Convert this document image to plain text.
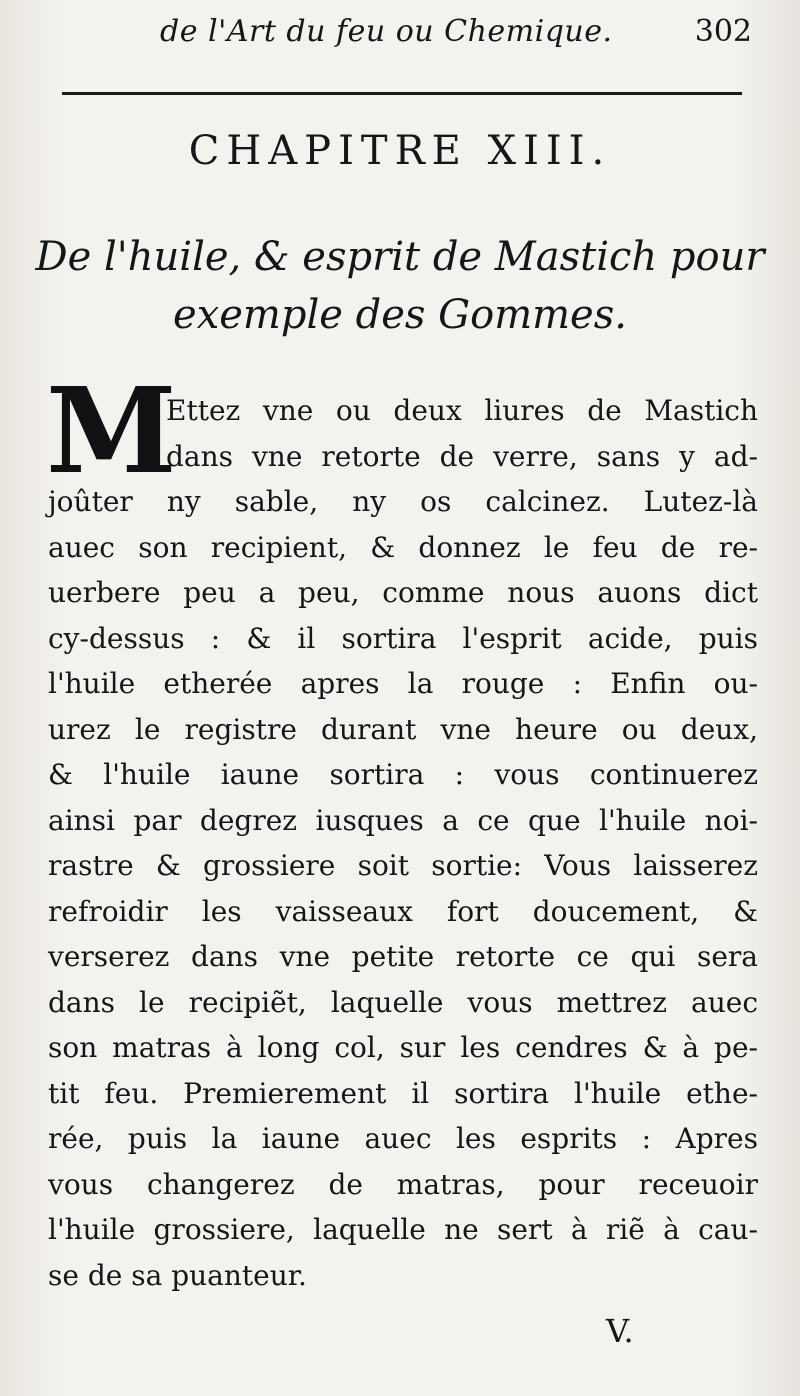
de l'Art du feu ou Chemique.	302
CHAPITRE XIII.
De l'huile, & esprit de Mastich pour
exemple des Gommes.
M
Ettez vne ou deux liures de Mastich
dans vne retorte de verre, sans y ad-
joûter ny sable, ny os calcinez. Lutez-là
auec son recipient, & donnez le feu de re-
uerbere peu a peu, comme nous auons dict
cy-dessus : & il sortira l'esprit acide, puis
l'huile etherée apres la rouge : Enfin ou-
urez le registre durant vne heure ou deux,
& l'huile iaune sortira : vous continuerez
ainsi par degrez iusques a ce que l'huile noi-
rastre & grossiere soit sortie: Vous laisserez
refroidir les vaisseaux fort doucement, &
verserez dans vne petite retorte ce qui sera
dans le recipiẽt, laquelle vous mettrez auec
son matras à long col, sur les cendres & à pe-
tit feu. Premierement il sortira l'huile ethe-
rée, puis la iaune auec les esprits : Apres
vous changerez de matras, pour receuoir
l'huile grossiere, laquelle ne sert à riẽ à cau-
se de sa puanteur.
V.
